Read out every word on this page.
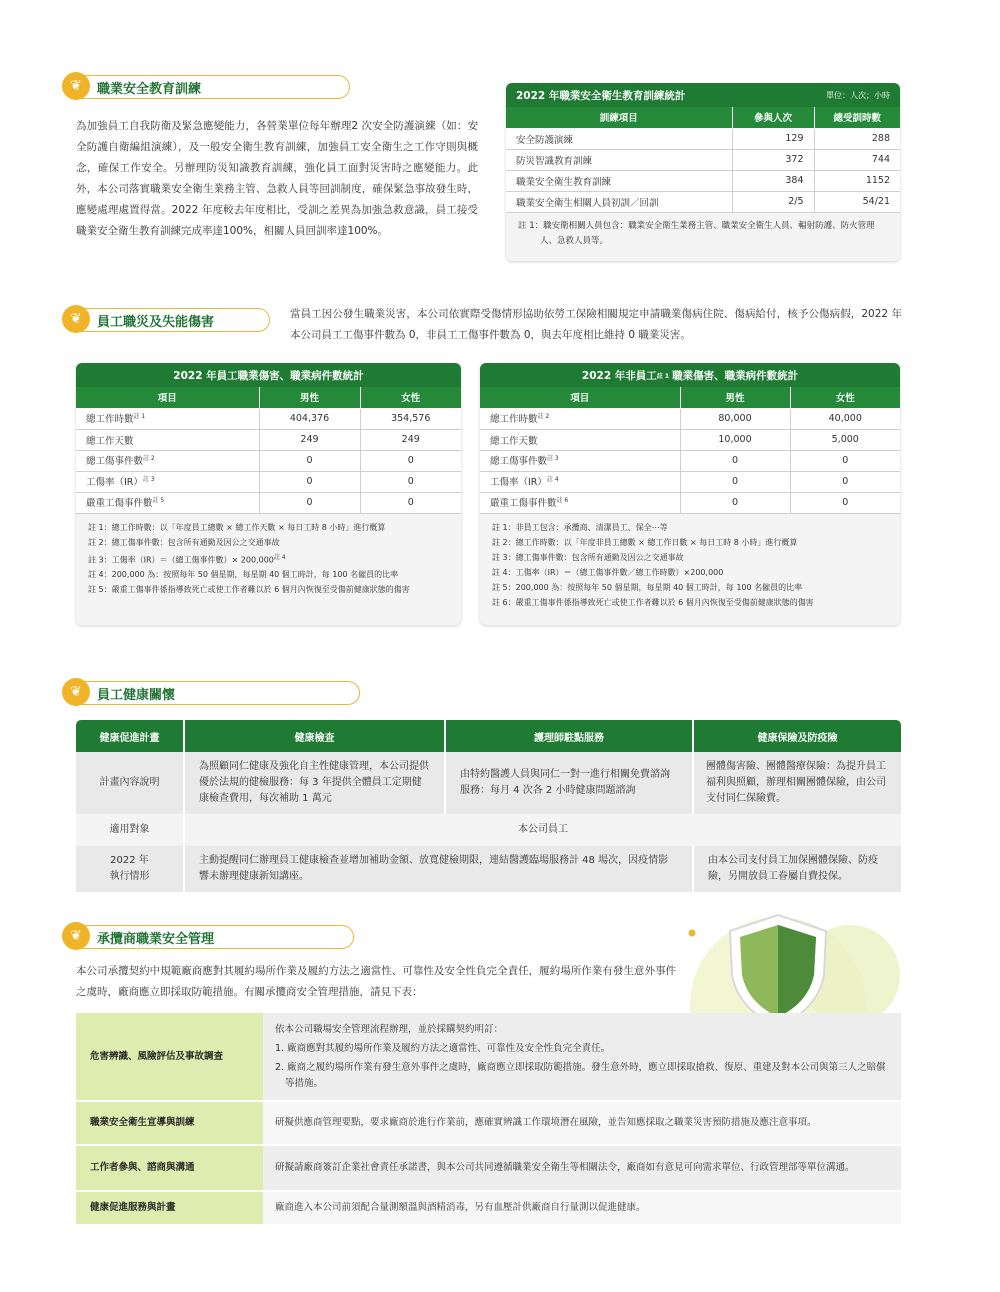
❦	職業安全教育訓練
為加強員工自我防衛及緊急應變能力，各營業單位每年辦理2 次安全防護演練（如：安全防護自衛編組演練），及一般安全衛生教育訓練，加強員工安全衛生之工作守則與概念，確保工作安全。另辦理防災知識教育訓練，強化員工面對災害時之應變能力。此外，本公司落實職業安全衛生業務主管、急救人員等回訓制度，確保緊急事故發生時，應變處理處置得當。2022 年度較去年度相比，受訓之差異為加強急救意識，員工接受職業安全衛生教育訓練完成率達100%，相關人員回訓率達100%。
2022 年職業安全衛生教育訓練統計	單位：人次；小時
訓練項目	參與人次	總受訓時數
安全防護演練	129	288
防災智識教育訓練	372	744
職業安全衛生教育訓練	384	1152
職業安全衛生相關人員初訓／回訓	2/5	54/21
註 1：職安衛相關人員包含：職業安全衛生業務主管、職業安全衛生人員、輻射防護、防火管理人、急救人員等。
❦	員工職災及失能傷害
當員工因公發生職業災害，本公司依實際受傷情形協助依勞工保險相關規定申請職業傷病住院、傷病給付，核予公傷病假，2022 年本公司員工工傷事件數為 0，非員工工傷事件數為 0，與去年度相比維持 0 職業災害。
2022 年員工職業傷害、職業病件數統計
項目	男性	女性
總工作時數$^{註 1}$	404,376	354,576
總工作天數	249	249
總工傷事件數$^{註 2}$	0	0
工傷率（IR）$^{註 3}$	0	0
嚴重工傷事件數$^{註 5}$	0	0
註 1：總工作時數：以「年度員工總數 × 總工作天數 × 每日工時 8 小時」進行概算
註 2：總工傷事件數：包含所有通勤及因公之交通事故
註 3：工傷率（IR）＝（總工傷事件數）× $200,000^{註 4}$
註 4：200,000 為：按照每年 50 個星期，每星期 40 個工時計，每 100 名僱員的比率
註 5：嚴重工傷事件係指導致死亡或使工作者難以於 6 個月內恢復至受傷前健康狀態的傷害
2022 年非員工 註 1 職業傷害、職業病件數統計
項目	男性	女性
總工作時數$^{註 2}$	80,000	40,000
總工作天數	10,000	5,000
總工傷事件數$^{註 3}$	0	0
工傷率（IR）$^{註 4}$	0	0
嚴重工傷事件數$^{註 6}$	0	0
註 1：非員工包含：承攬商、清潔員工、保全⋯等
註 2：總工作時數：以「年度非員工總數 × 總工作日數 × 每日工時 8 小時」進行概算
註 3：總工傷事件數：包含所有通勤及因公之交通事故
註 4：工傷率（IR）＝（總工傷事件數／總工作時數）×200,000
註 5：200,000 為：按照每年 50 個星期，每星期 40 個工時計，每 100 名僱員的比率
註 6：嚴重工傷事件係指導致死亡或使工作者難以於 6 個月內恢復至受傷前健康狀態的傷害
❦	員工健康關懷
健康促進計畫	健康檢查	護理師駐點服務	健康保險及防疫險
計畫內容說明	為照顧同仁健康及強化自主性健康管理，本公司提供優於法規的健檢服務：每 3 年提供全體員工定期健康檢查費用，每次補助 1 萬元	由特約醫護人員與同仁一對一進行相關免費諮詢服務：每月 4 次各 2 小時健康問題諮詢	團體傷害險、團體醫療保險：為提升員工福利與照顧，辦理相關團體保險，由公司支付同仁保險費。
適用對象	本公司員工		

2022 年
執行情形	主動提醒同仁辦理員工健康檢查並增加補助金額、放寬健檢期限，連結醫護臨場服務計 48 場次，因疫情影響未辦理健康新知講座。		由本公司支付員工加保團體保險、防疫險，另開放員工眷屬自費投保。
❦	承攬商職業安全管理
本公司承攬契約中規範廠商應對其履約場所作業及履約方法之適當性、可靠性及安全性負完全責任，履約場所作業有發生意外事件之虞時，廠商應立即採取防範措施。有關承攬商安全管理措施，請見下表：
危害辨識、風險評估及事故調查	依本公司職場安全管理流程辦理，並於採購契約明訂：
1. 廠商應對其履約場所作業及履約方法之適當性、可靠性及安全性負完全責任。
2. 廠商之履約場所作業有發生意外事件之虞時，廠商應立即採取防範措施。發生意外時，應立即採取搶救、復原、重建及對本公司與第三人之賠償等措施。

職業安全衛生宣導與訓練	研擬供應商管理要點，要求廠商於進行作業前，應確實辨識工作環境潛在風險，並告知應採取之職業災害預防措施及應注意事項。
工作者參與、諮商與溝通	研擬請廠商簽訂企業社會責任承諾書，與本公司共同遵循職業安全衛生等相關法令，廠商如有意見可向需求單位、行政管理部等單位溝通。
健康促進服務與計畫	廠商進入本公司前須配合量測額溫與酒精消毒，另有血壓計供廠商自行量測以促進健康。
